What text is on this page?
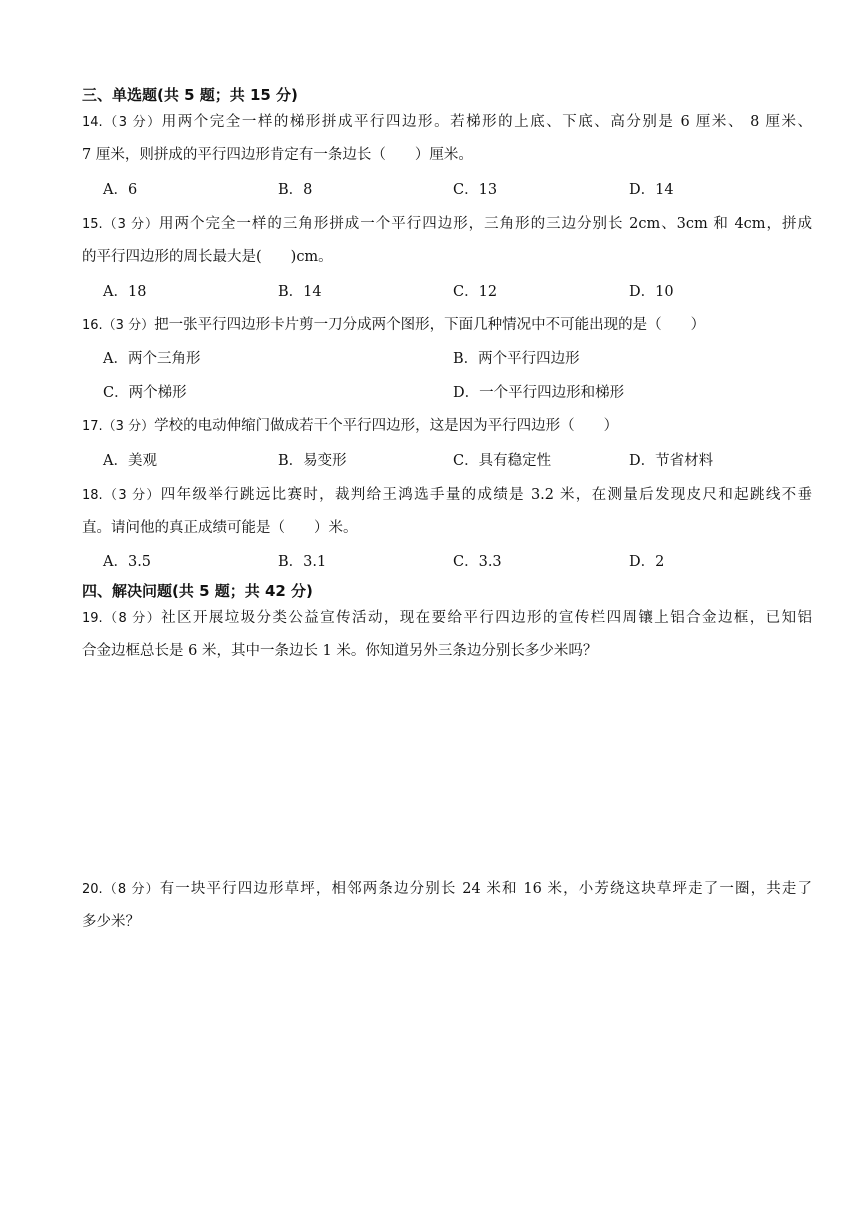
三、单选题(共 5 题；共 15 分)
14.（3 分）用两个完全一样的梯形拼成平行四边形。若梯形的上底、下底、高分别是 6 厘米、 8 厘米、
7 厘米，则拼成的平行四边形肯定有一条边长（　　）厘米。
A．6	B．8	C．13	D．14
15.（3 分）用两个完全一样的三角形拼成一个平行四边形，三角形的三边分别长 2cm、3cm 和 4cm，拼成
的平行四边形的周长最大是(　　)cm。
A．18	B．14	C．12	D．10
16.（3 分）把一张平行四边形卡片剪一刀分成两个图形，下面几种情况中不可能出现的是（　　）
A．两个三角形	B．两个平行四边形
C．两个梯形	D．一个平行四边形和梯形
17.（3 分）学校的电动伸缩门做成若干个平行四边形，这是因为平行四边形（　　）
A．美观	B．易变形	C．具有稳定性	D．节省材料
18.（3 分）四年级举行跳远比赛时，裁判给王鸿选手量的成绩是 3.2 米，在测量后发现皮尺和起跳线不垂
直。请问他的真正成绩可能是（　　）米。
A．3.5	B．3.1	C．3.3	D．2
四、解决问题(共 5 题；共 42 分)
19.（8 分）社区开展垃圾分类公益宣传活动，现在要给平行四边形的宣传栏四周镶上铝合金边框，已知铝
合金边框总长是 6 米，其中一条边长 1 米。你知道另外三条边分别长多少米吗？
20.（8 分）有一块平行四边形草坪，相邻两条边分别长 24 米和 16 米，小芳绕这块草坪走了一圈，共走了
多少米？
